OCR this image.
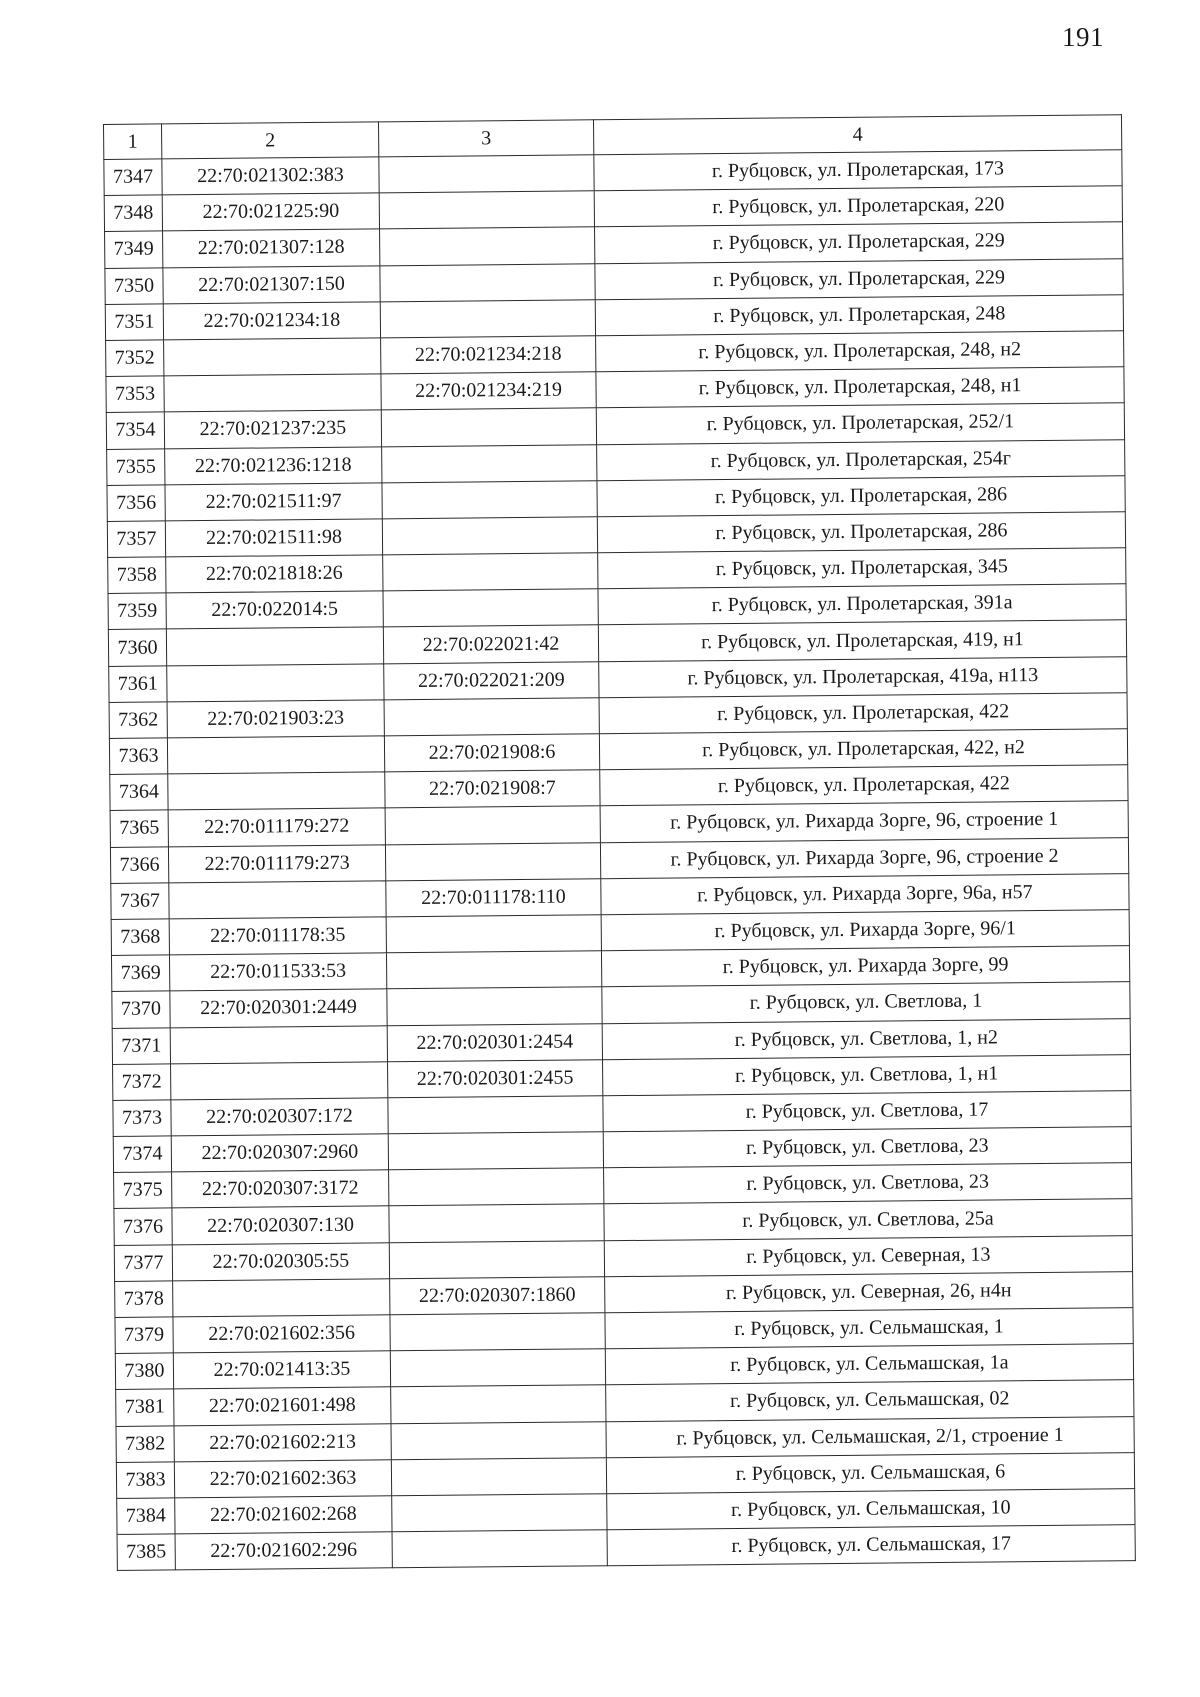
191
1	2	3	4
7347	22:70:021302:383		г. Рубцовск, ул. Пролетарская, 173
7348	22:70:021225:90		г. Рубцовск, ул. Пролетарская, 220
7349	22:70:021307:128		г. Рубцовск, ул. Пролетарская, 229
7350	22:70:021307:150		г. Рубцовск, ул. Пролетарская, 229
7351	22:70:021234:18		г. Рубцовск, ул. Пролетарская, 248
7352		22:70:021234:218	г. Рубцовск, ул. Пролетарская, 248, н2
7353		22:70:021234:219	г. Рубцовск, ул. Пролетарская, 248, н1
7354	22:70:021237:235		г. Рубцовск, ул. Пролетарская, 252/1
7355	22:70:021236:1218		г. Рубцовск, ул. Пролетарская, 254г
7356	22:70:021511:97		г. Рубцовск, ул. Пролетарская, 286
7357	22:70:021511:98		г. Рубцовск, ул. Пролетарская, 286
7358	22:70:021818:26		г. Рубцовск, ул. Пролетарская, 345
7359	22:70:022014:5		г. Рубцовск, ул. Пролетарская, 391а
7360		22:70:022021:42	г. Рубцовск, ул. Пролетарская, 419, н1
7361		22:70:022021:209	г. Рубцовск, ул. Пролетарская, 419а, н113
7362	22:70:021903:23		г. Рубцовск, ул. Пролетарская, 422
7363		22:70:021908:6	г. Рубцовск, ул. Пролетарская, 422, н2
7364		22:70:021908:7	г. Рубцовск, ул. Пролетарская, 422
7365	22:70:011179:272		г. Рубцовск, ул. Рихарда Зорге, 96, строение 1
7366	22:70:011179:273		г. Рубцовск, ул. Рихарда Зорге, 96, строение 2
7367		22:70:011178:110	г. Рубцовск, ул. Рихарда Зорге, 96а, н57
7368	22:70:011178:35		г. Рубцовск, ул. Рихарда Зорге, 96/1
7369	22:70:011533:53		г. Рубцовск, ул. Рихарда Зорге, 99
7370	22:70:020301:2449		г. Рубцовск, ул. Светлова, 1
7371		22:70:020301:2454	г. Рубцовск, ул. Светлова, 1, н2
7372		22:70:020301:2455	г. Рубцовск, ул. Светлова, 1, н1
7373	22:70:020307:172		г. Рубцовск, ул. Светлова, 17
7374	22:70:020307:2960		г. Рубцовск, ул. Светлова, 23
7375	22:70:020307:3172		г. Рубцовск, ул. Светлова, 23
7376	22:70:020307:130		г. Рубцовск, ул. Светлова, 25а
7377	22:70:020305:55		г. Рубцовск, ул. Северная, 13
7378		22:70:020307:1860	г. Рубцовск, ул. Северная, 26, н4н
7379	22:70:021602:356		г. Рубцовск, ул. Сельмашская, 1
7380	22:70:021413:35		г. Рубцовск, ул. Сельмашская, 1а
7381	22:70:021601:498		г. Рубцовск, ул. Сельмашская, 02
7382	22:70:021602:213		г. Рубцовск, ул. Сельмашская, 2/1, строение 1
7383	22:70:021602:363		г. Рубцовск, ул. Сельмашская, 6
7384	22:70:021602:268		г. Рубцовск, ул. Сельмашская, 10
7385	22:70:021602:296		г. Рубцовск, ул. Сельмашская, 17
